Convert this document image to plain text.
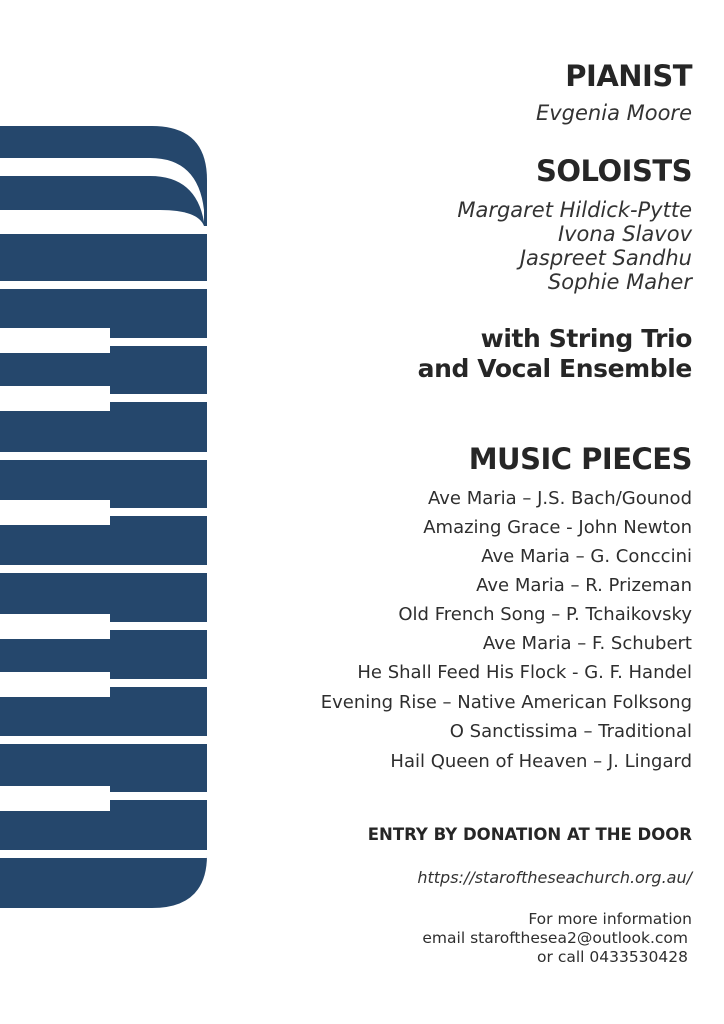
PIANIST
Evgenia Moore
SOLOISTS
Margaret Hildick-Pytte
Ivona Slavov
Jaspreet Sandhu
Sophie Maher
with String Trio
and Vocal Ensemble
MUSIC PIECES
Ave Maria – J.S. Bach/Gounod
Amazing Grace - John Newton
Ave Maria – G. Conccini
Ave Maria – R. Prizeman
Old French Song – P. Tchaikovsky
Ave Maria – F. Schubert
He Shall Feed His Flock - G. F. Handel
Evening Rise – Native American Folksong
O Sanctissima – Traditional
Hail Queen of Heaven – J. Lingard
ENTRY BY DONATION AT THE DOOR
https://staroftheseachurch.org.au/
For more information
email staroftheseа2@outlook.com
or call 0433530428
